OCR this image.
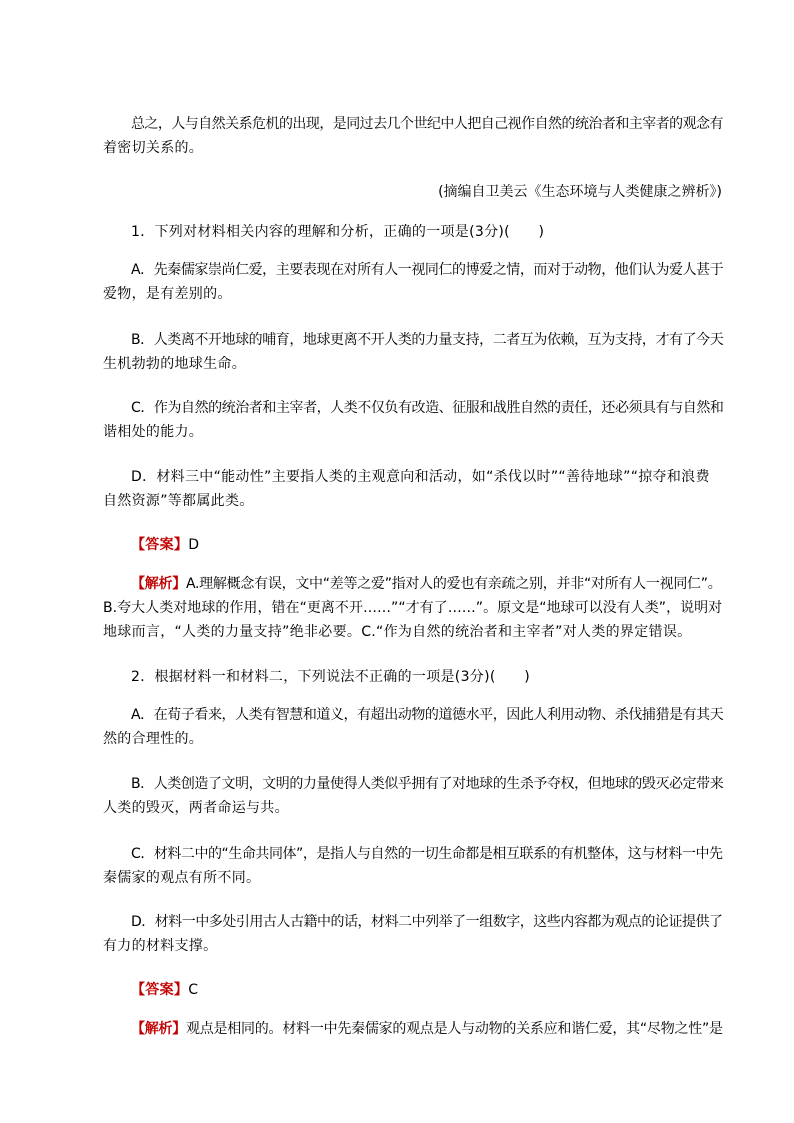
总之，人与自然关系危机的出现，是同过去几个世纪中人把自己视作自然的统治者和主宰者的观念有
着密切关系的。
(摘编自卫美云《生态环境与人类健康之辨析》)
1．下列对材料相关内容的理解和分析，正确的一项是(3分)(　　)
A．先秦儒家崇尚仁爱，主要表现在对所有人一视同仁的博爱之情，而对于动物，他们认为爱人甚于
爱物，是有差别的。
B．人类离不开地球的哺育，地球更离不开人类的力量支持，二者互为依赖，互为支持，才有了今天
生机勃勃的地球生命。
C．作为自然的统治者和主宰者，人类不仅负有改造、征服和战胜自然的责任，还必须具有与自然和
谐相处的能力。
D．材料三中“能动性”主要指人类的主观意向和活动，如“杀伐以时”“善待地球”“掠夺和浪费
自然资源”等都属此类。
【答案】D
【解析】A.理解概念有误，文中“差等之爱”指对人的爱也有亲疏之别，并非“对所有人一视同仁”。
B.夸大人类对地球的作用，错在“更离不开……”“才有了……”。原文是“地球可以没有人类”，说明对
地球而言，“人类的力量支持”绝非必要。C.“作为自然的统治者和主宰者”对人类的界定错误。
2．根据材料一和材料二，下列说法不正确的一项是(3分)(　　)
A．在荀子看来，人类有智慧和道义，有超出动物的道德水平，因此人利用动物、杀伐捕猎是有其天
然的合理性的。
B．人类创造了文明，文明的力量使得人类似乎拥有了对地球的生杀予夺权，但地球的毁灭必定带来
人类的毁灭，两者命运与共。
C．材料二中的“生命共同体”，是指人与自然的一切生命都是相互联系的有机整体，这与材料一中先
秦儒家的观点有所不同。
D．材料一中多处引用古人古籍中的话，材料二中列举了一组数字，这些内容都为观点的论证提供了
有力的材料支撑。
【答案】C
【解析】观点是相同的。材料一中先秦儒家的观点是人与动物的关系应和谐仁爱，其“尽物之性”是
